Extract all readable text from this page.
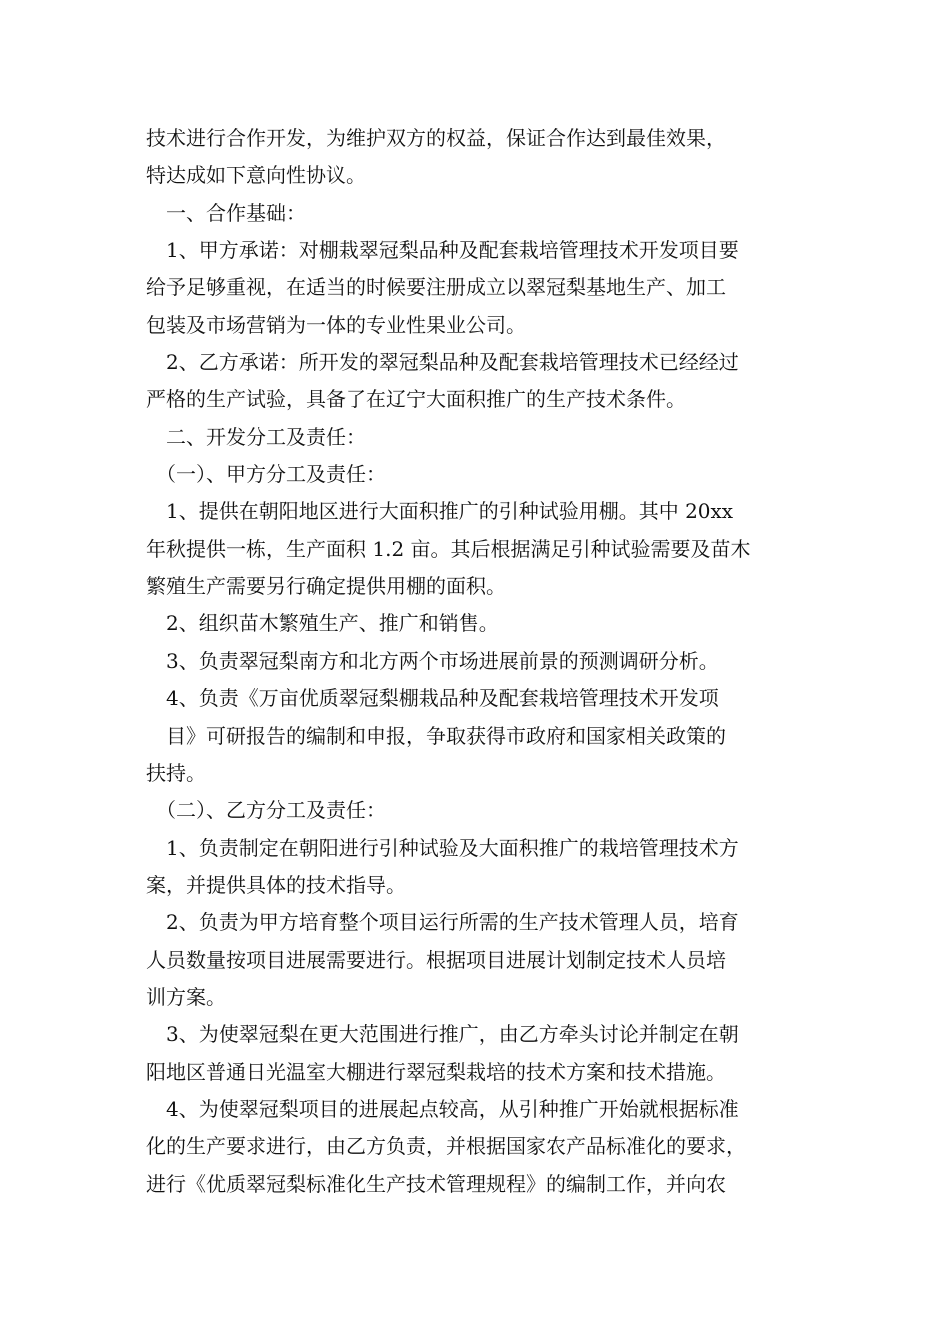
技术进行合作开发，为维护双方的权益，保证合作达到最佳效果，
特达成如下意向性协议。
　一、合作基础：
　1、甲方承诺：对棚栽翠冠梨品种及配套栽培管理技术开发项目要
给予足够重视，在适当的时候要注册成立以翠冠梨基地生产、加工
包装及市场营销为一体的专业性果业公司。
　2、乙方承诺：所开发的翠冠梨品种及配套栽培管理技术已经经过
严格的生产试验，具备了在辽宁大面积推广的生产技术条件。
　二、开发分工及责任：
　（一）、甲方分工及责任：
　1、提供在朝阳地区进行大面积推广的引种试验用棚。其中 20xx
年秋提供一栋，生产面积 1.2 亩。其后根据满足引种试验需要及苗木
繁殖生产需要另行确定提供用棚的面积。
　2、组织苗木繁殖生产、推广和销售。
　3、负责翠冠梨南方和北方两个市场进展前景的预测调研分析。
　4、负责《万亩优质翠冠梨棚栽品种及配套栽培管理技术开发项
　目》可研报告的编制和申报，争取获得市政府和国家相关政策的
扶持。
　（二）、乙方分工及责任：
　1、负责制定在朝阳进行引种试验及大面积推广的栽培管理技术方
案，并提供具体的技术指导。
　2、负责为甲方培育整个项目运行所需的生产技术管理人员，培育
人员数量按项目进展需要进行。根据项目进展计划制定技术人员培
训方案。
　3、为使翠冠梨在更大范围进行推广，由乙方牵头讨论并制定在朝
阳地区普通日光温室大棚进行翠冠梨栽培的技术方案和技术措施。
　4、为使翠冠梨项目的进展起点较高，从引种推广开始就根据标准
化的生产要求进行，由乙方负责，并根据国家农产品标准化的要求，
进行《优质翠冠梨标准化生产技术管理规程》的编制工作，并向农
